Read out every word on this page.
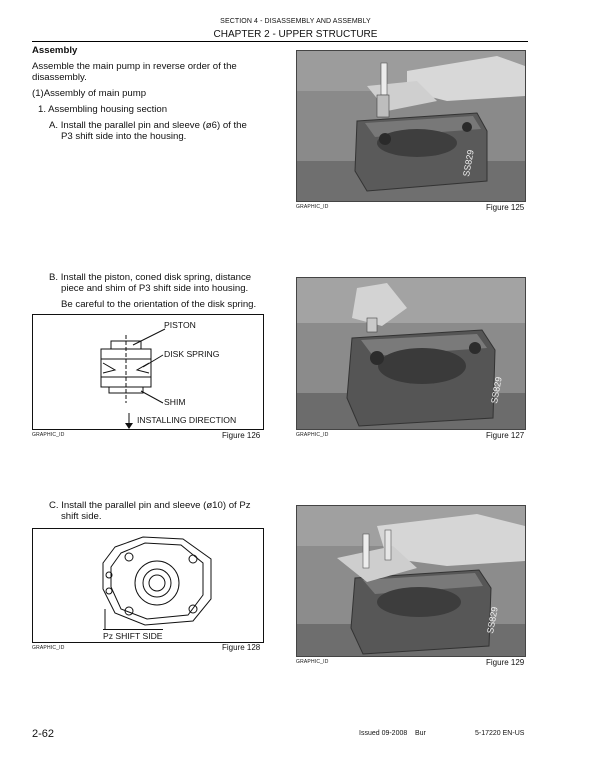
SECTION 4 - DISASSEMBLY AND ASSEMBLY
CHAPTER 2 - UPPER STRUCTURE
Assembly
Assemble the main pump in reverse order of the
disassembly.
(1)Assembly of main pump
1. Assembling housing section
A. Install the parallel pin and sleeve (ø6) of the
P3 shift side into the housing.
B. Install the piston, coned disk spring, distance
piece and shim of P3 shift side into housing.
Be careful to the orientation of the disk spring.
C. Install the parallel pin and sleeve (ø10) of Pz
shift side.
SS829
GRAPHIC_ID	Figure 125
PISTON
DISK SPRING
SHIM
INSTALLING DIRECTION
GRAPHIC_ID	Figure 126
SS829
GRAPHIC_ID	Figure 127
Pz SHIFT SIDE
GRAPHIC_ID	Figure 128
SS829
GRAPHIC_ID	Figure 129
2-62	Issued 09-2008 Bur	5-17220 EN-US
